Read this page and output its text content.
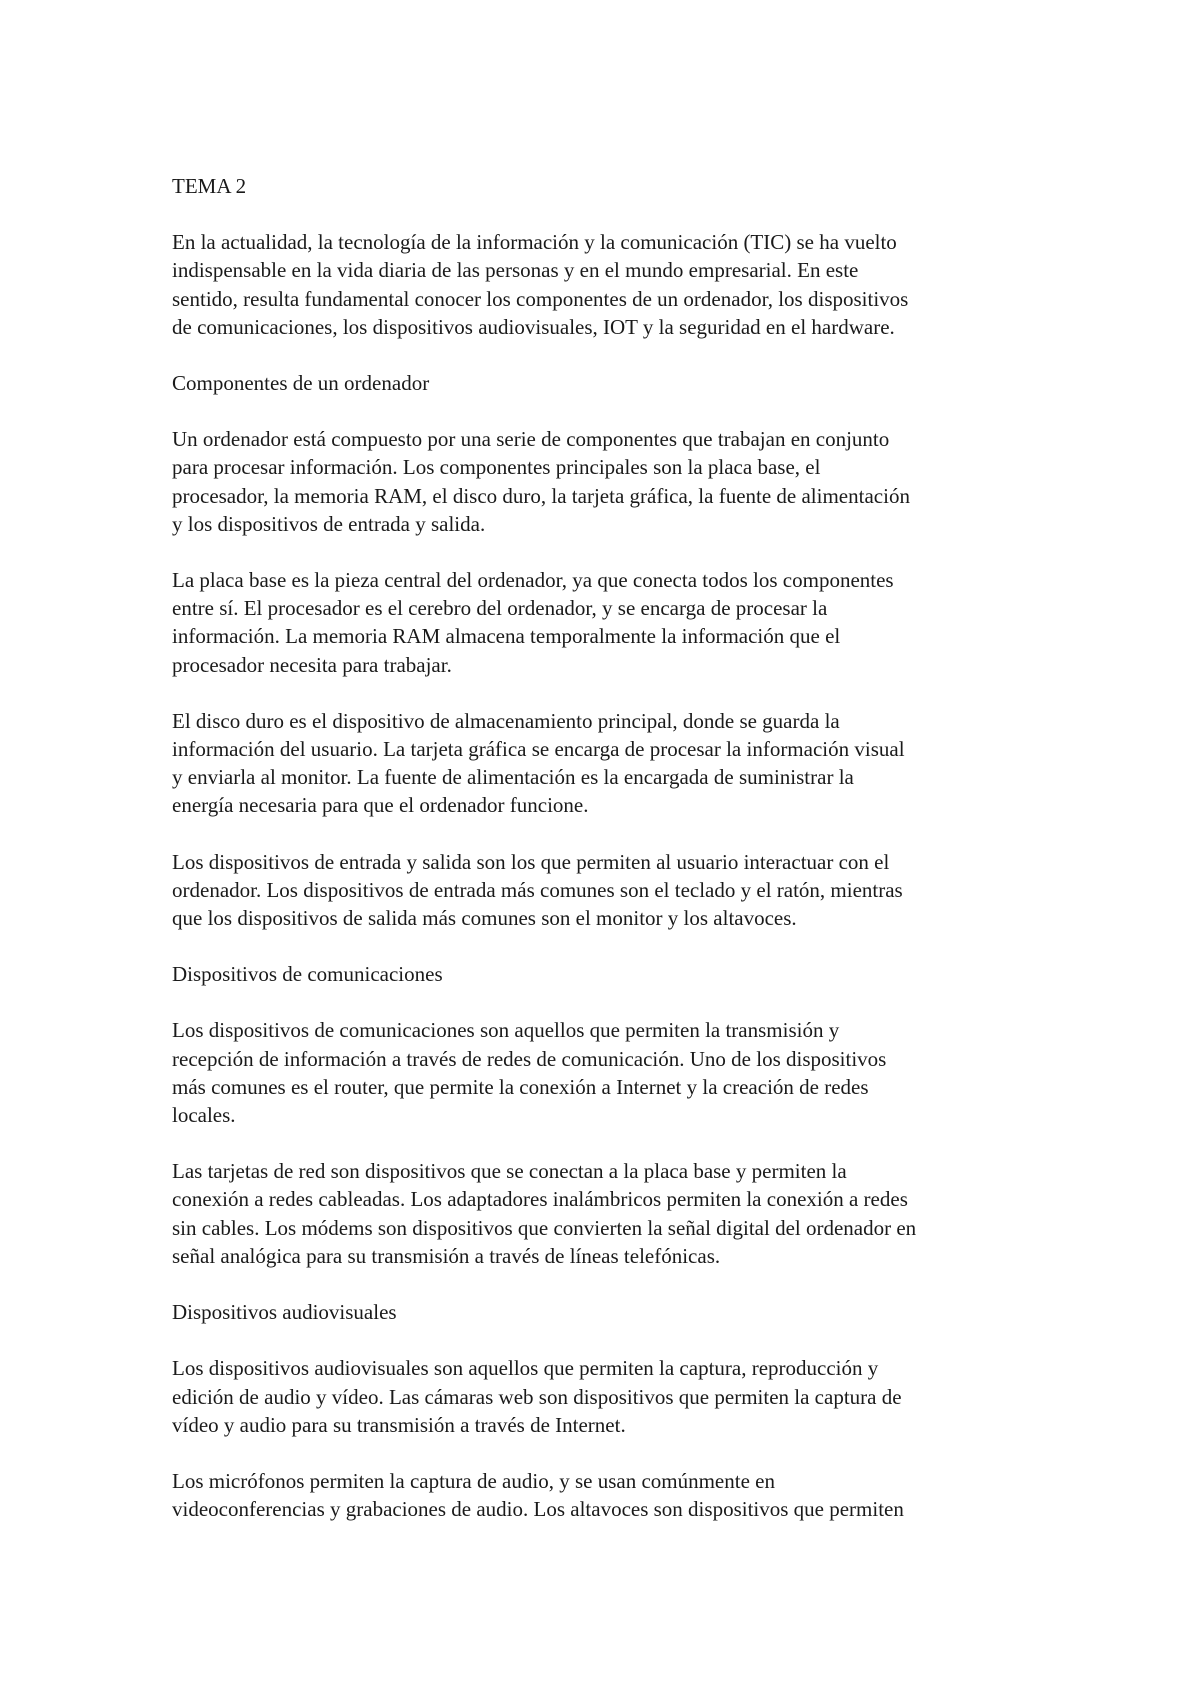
TEMA 2

En la actualidad, la tecnología de la información y la comunicación (TIC) se ha vuelto
indispensable en la vida diaria de las personas y en el mundo empresarial. En este
sentido, resulta fundamental conocer los componentes de un ordenador, los dispositivos
de comunicaciones, los dispositivos audiovisuales, IOT y la seguridad en el hardware.

Componentes de un ordenador

Un ordenador está compuesto por una serie de componentes que trabajan en conjunto
para procesar información. Los componentes principales son la placa base, el
procesador, la memoria RAM, el disco duro, la tarjeta gráfica, la fuente de alimentación
y los dispositivos de entrada y salida.

La placa base es la pieza central del ordenador, ya que conecta todos los componentes
entre sí. El procesador es el cerebro del ordenador, y se encarga de procesar la
información. La memoria RAM almacena temporalmente la información que el
procesador necesita para trabajar.

El disco duro es el dispositivo de almacenamiento principal, donde se guarda la
información del usuario. La tarjeta gráfica se encarga de procesar la información visual
y enviarla al monitor. La fuente de alimentación es la encargada de suministrar la
energía necesaria para que el ordenador funcione.

Los dispositivos de entrada y salida son los que permiten al usuario interactuar con el
ordenador. Los dispositivos de entrada más comunes son el teclado y el ratón, mientras
que los dispositivos de salida más comunes son el monitor y los altavoces.

Dispositivos de comunicaciones

Los dispositivos de comunicaciones son aquellos que permiten la transmisión y
recepción de información a través de redes de comunicación. Uno de los dispositivos
más comunes es el router, que permite la conexión a Internet y la creación de redes
locales.

Las tarjetas de red son dispositivos que se conectan a la placa base y permiten la
conexión a redes cableadas. Los adaptadores inalámbricos permiten la conexión a redes
sin cables. Los módems son dispositivos que convierten la señal digital del ordenador en
señal analógica para su transmisión a través de líneas telefónicas.

Dispositivos audiovisuales

Los dispositivos audiovisuales son aquellos que permiten la captura, reproducción y
edición de audio y vídeo. Las cámaras web son dispositivos que permiten la captura de
vídeo y audio para su transmisión a través de Internet.

Los micrófonos permiten la captura de audio, y se usan comúnmente en
videoconferencias y grabaciones de audio. Los altavoces son dispositivos que permiten
